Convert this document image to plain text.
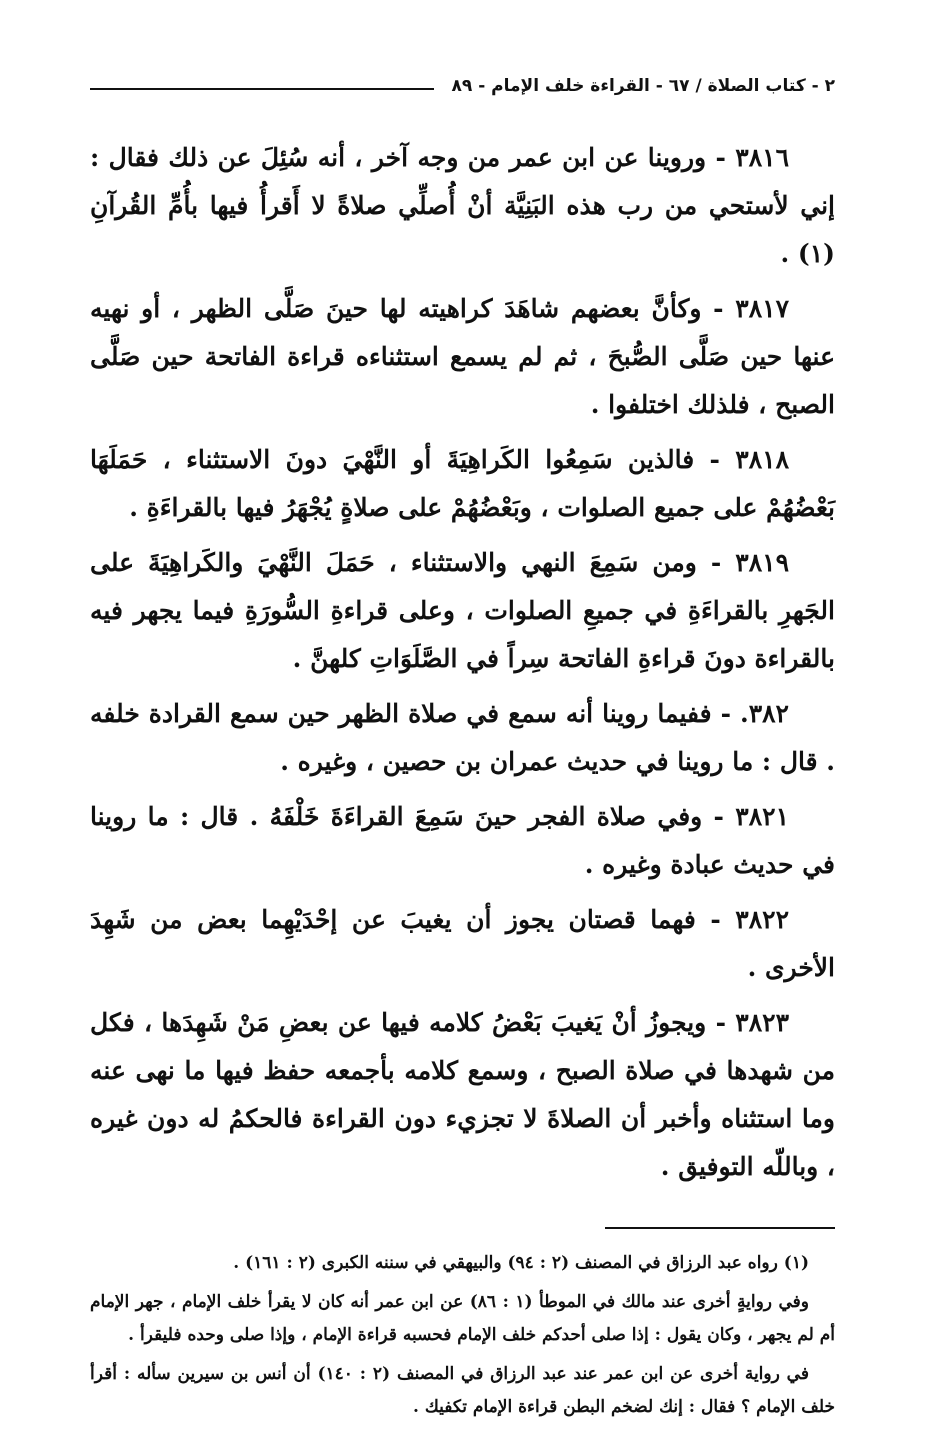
٢ - كتاب الصلاة / ٦٧ - القراءة خلف الإمام - ٨٩

٣٨١٦ - وروينا عن ابن عمر من وجه آخر ، أنه سُئِلَ عن ذلك فقال : إني لأستحي من رب هذه البَنِيَّة أنْ أُصلِّي صلاةً لا أَقرأُ فيها بأُمِّ القُرآنِ (١) .

٣٨١٧ - وكأنَّ بعضهم شاهَدَ كراهيته لها حينَ صَلَّى الظهر ، أو نهيه عنها حين صَلَّى الصُّبحَ ، ثم لم يسمع استثناءه قراءة الفاتحة حين صَلَّى الصبح ، فلذلك اختلفوا .

٣٨١٨ - فالذين سَمِعُوا الكَراهِيَةَ أو النَّهْيَ دونَ الاستثناء ، حَمَلَهَا بَعْضُهُمْ على جميع الصلوات ، وبَعْضُهُمْ على صلاةٍ يُجْهَرُ فيها بالقراءَةِ .

٣٨١٩ - ومن سَمِعَ النهي والاستثناء ، حَمَلَ النَّهْيَ والكَراهِيَةَ على الجَهرِ بالقراءَةِ في جميعِ الصلوات ، وعلى قراءةِ السُّورَةِ فيما يجهر فيه بالقراءة دونَ قراءةِ الفاتحة سِراً في الصَّلَوَاتِ كلهنَّ .

٣٨٢. - ففيما روينا أنه سمع في صلاة الظهر حين سمع القرادة خلفه . قال : ما روينا في حديث عمران بن حصين ، وغيره .

٣٨٢١ - وفي صلاة الفجر حينَ سَمِعَ القراءَةَ خَلْفَهُ . قال : ما روينا في حديث عبادة وغيره .

٣٨٢٢ - فهما قصتان يجوز أن يغيبَ عن إحْدَيْهِما بعض من شَهِدَ الأخرى .

٣٨٢٣ - ويجوزُ أنْ يَغيبَ بَعْضُ كلامه فيها عن بعضِ مَنْ شَهِدَها ، فكل من شهدها في صلاة الصبح ، وسمع كلامه بأجمعه حفظ فيها ما نهى عنه وما استثناه وأخبر أن الصلاةَ لا تجزيء دون القراءة فالحكمُ له دون غيره ، وباللّه التوفيق .

(١) رواه عبد الرزاق في المصنف (٢ : ٩٤) والبيهقي في سننه الكبرى (٢ : ١٦١) .

وفي روايةٍ أخرى عند مالك في الموطأ (١ : ٨٦) عن ابن عمر أنه كان لا يقرأ خلف الإمام ، جهر الإمام أم لم يجهر ، وكان يقول : إذا صلى أحدكم خلف الإمام فحسبه قراءة الإمام ، وإذا صلى وحده فليقرأ .

في رواية أخرى عن ابن عمر عند عبد الرزاق في المصنف (٢ : ١٤٠) أن أنس بن سيرين سأله : أقرأ خلف الإمام ؟ فقال : إنك لضخم البطن قراءة الإمام تكفيك .
